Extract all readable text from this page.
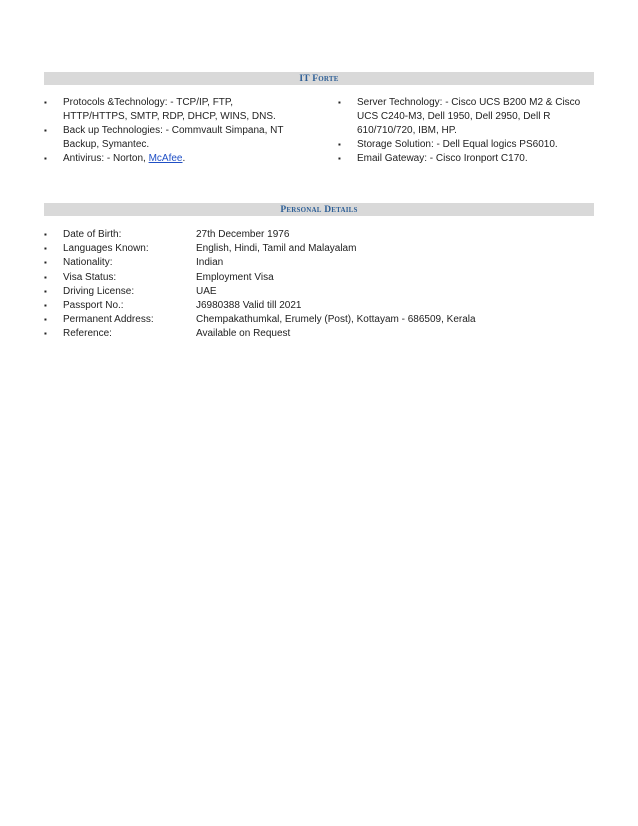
IT Forte
▪ Protocols &Technology: - TCP/IP, FTP,
HTTP/HTTPS, SMTP, RDP, DHCP, WINS, DNS.
▪ Back up Technologies: - Commvault Simpana, NT
Backup, Symantec.
▪ Antivirus: - Norton, McAfee.
▪ Server Technology: - Cisco UCS B200 M2 & Cisco
UCS C240-M3, Dell 1950, Dell 2950, Dell R
610/710/720, IBM, HP.
▪ Storage Solution: - Dell Equal logics PS6010.
▪ Email Gateway: - Cisco Ironport C170.
Personal Details
▪ Date of Birth:	27th December 1976
▪ Languages Known:	English, Hindi, Tamil and Malayalam
▪ Nationality:	Indian
▪ Visa Status:	Employment Visa
▪ Driving License:	UAE
▪ Passport No.:	J6980388 Valid till 2021
▪ Permanent Address:	Chempakathumkal, Erumely (Post), Kottayam - 686509, Kerala
▪ Reference:	Available on Request
